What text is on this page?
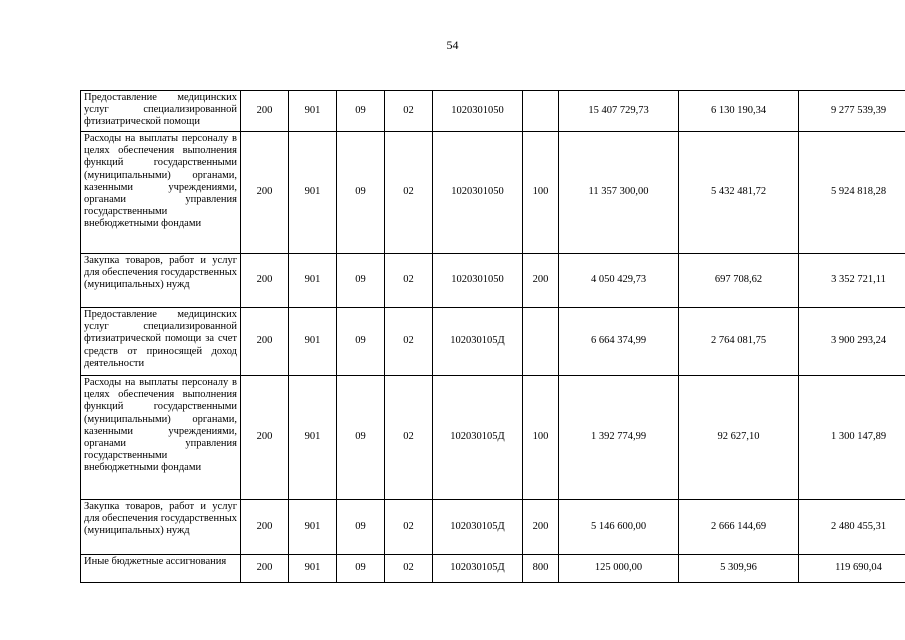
54
Предоставление медицинских услуг специализированной фтизиатрической помощи	200	901	09	02	1020301050		15 407 729,73	6 130 190,34	9 277 539,39
Расходы на выплаты персоналу в целях обеспечения выполнения функций государственными (муниципальными) органами, казенными учреждениями, органами управления государственными внебюджетными фондами	200	901	09	02	1020301050	100	11 357 300,00	5 432 481,72	5 924 818,28
Закупка товаров, работ и услуг для обеспечения государственных (муниципальных) нужд	200	901	09	02	1020301050	200	4 050 429,73	697 708,62	3 352 721,11
Предоставление медицинских услуг специализированной фтизиатрической помощи за счет средств от приносящей доход деятельности	200	901	09	02	102030105Д		6 664 374,99	2 764 081,75	3 900 293,24
Расходы на выплаты персоналу в целях обеспечения выполнения функций государственными (муниципальными) органами, казенными учреждениями, органами управления государственными внебюджетными фондами	200	901	09	02	102030105Д	100	1 392 774,99	92 627,10	1 300 147,89
Закупка товаров, работ и услуг для обеспечения государственных (муниципальных) нужд	200	901	09	02	102030105Д	200	5 146 600,00	2 666 144,69	2 480 455,31
Иные бюджетные ассигнования	200	901	09	02	102030105Д	800	125 000,00	5 309,96	119 690,04
